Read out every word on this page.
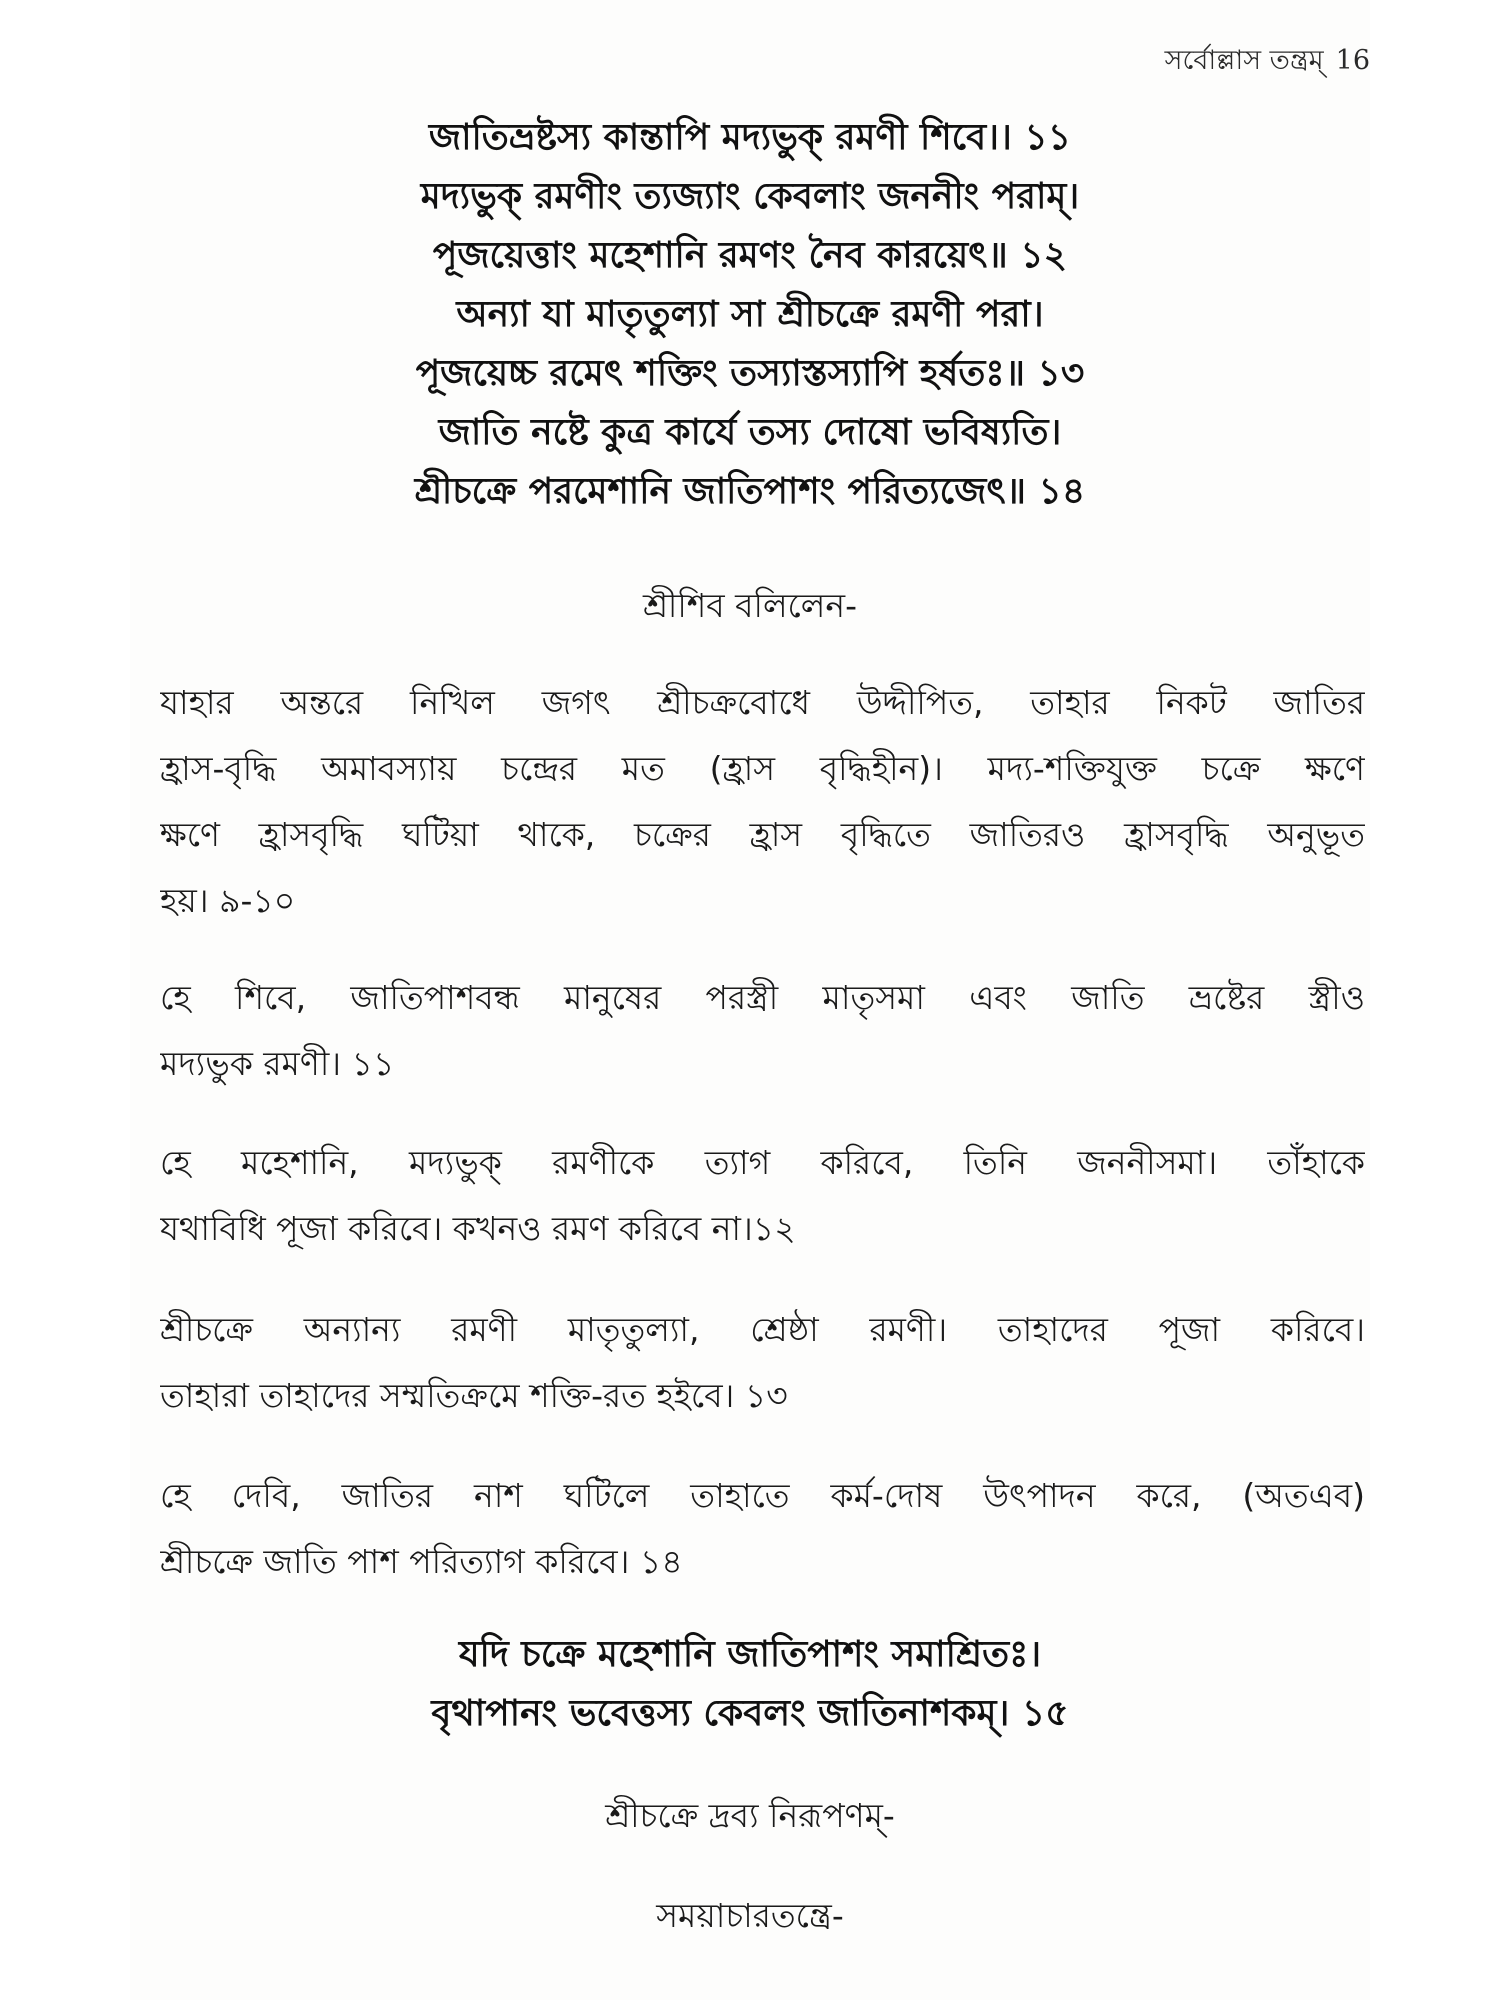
সর্বোল্লাস তন্ত্রম্ 16
জাতিভ্রষ্টস্য কান্তাপি মদ্যভুক্ রমণী শিবে।। ১১
মদ্যভুক্ রমণীং ত্যজ্যাং কেবলাং জননীং পরাম্।
পূজয়েত্তাং মহেশানি রমণং নৈব কারয়েৎ॥ ১২
অন্যা যা মাতৃতুল্যা সা শ্রীচক্রে রমণী পরা।
পূজয়েচ্চ রমেৎ শক্তিং তস্যাস্তস্যাপি হর্ষতঃ॥ ১৩
জাতি নষ্টে কুত্র কার্যে তস্য দোষো ভবিষ্যতি।
শ্রীচক্রে পরমেশানি জাতিপাশং পরিত্যজেৎ॥ ১৪
শ্রীশিব বলিলেন-
যাহার অন্তরে নিখিল জগৎ শ্রীচক্রবোধে উদ্দীপিত, তাহার নিকট জাতির
হ্রাস-বৃদ্ধি অমাবস্যায় চন্দ্রের মত (হ্রাস বৃদ্ধিহীন)। মদ্য-শক্তিযুক্ত চক্রে ক্ষণে
ক্ষণে হ্রাসবৃদ্ধি ঘটিয়া থাকে, চক্রের হ্রাস বৃদ্ধিতে জাতিরও হ্রাসবৃদ্ধি অনুভূত
হয়। ৯-১০
হে শিবে, জাতিপাশবন্ধ মানুষের পরস্ত্রী মাতৃসমা এবং জাতি ভ্রষ্টের স্ত্রীও
মদ্যভুক রমণী। ১১
হে মহেশানি, মদ্যভুক্ রমণীকে ত্যাগ করিবে, তিনি জননীসমা। তাঁহাকে
যথাবিধি পূজা করিবে। কখনও রমণ করিবে না।১২
শ্রীচক্রে অন্যান্য রমণী মাতৃতুল্যা, শ্রেষ্ঠা রমণী। তাহাদের পূজা করিবে।
তাহারা তাহাদের সম্মতিক্রমে শক্তি-রত হইবে। ১৩
হে দেবি, জাতির নাশ ঘটিলে তাহাতে কর্ম-দোষ উৎপাদন করে, (অতএব)
শ্রীচক্রে জাতি পাশ পরিত্যাগ করিবে। ১৪
যদি চক্রে মহেশানি জাতিপাশং সমাশ্রিতঃ।
বৃথাপানং ভবেত্তস্য কেবলং জাতিনাশকম্। ১৫
শ্রীচক্রে দ্রব্য নিরূপণম্-
সময়াচারতন্ত্রে-
